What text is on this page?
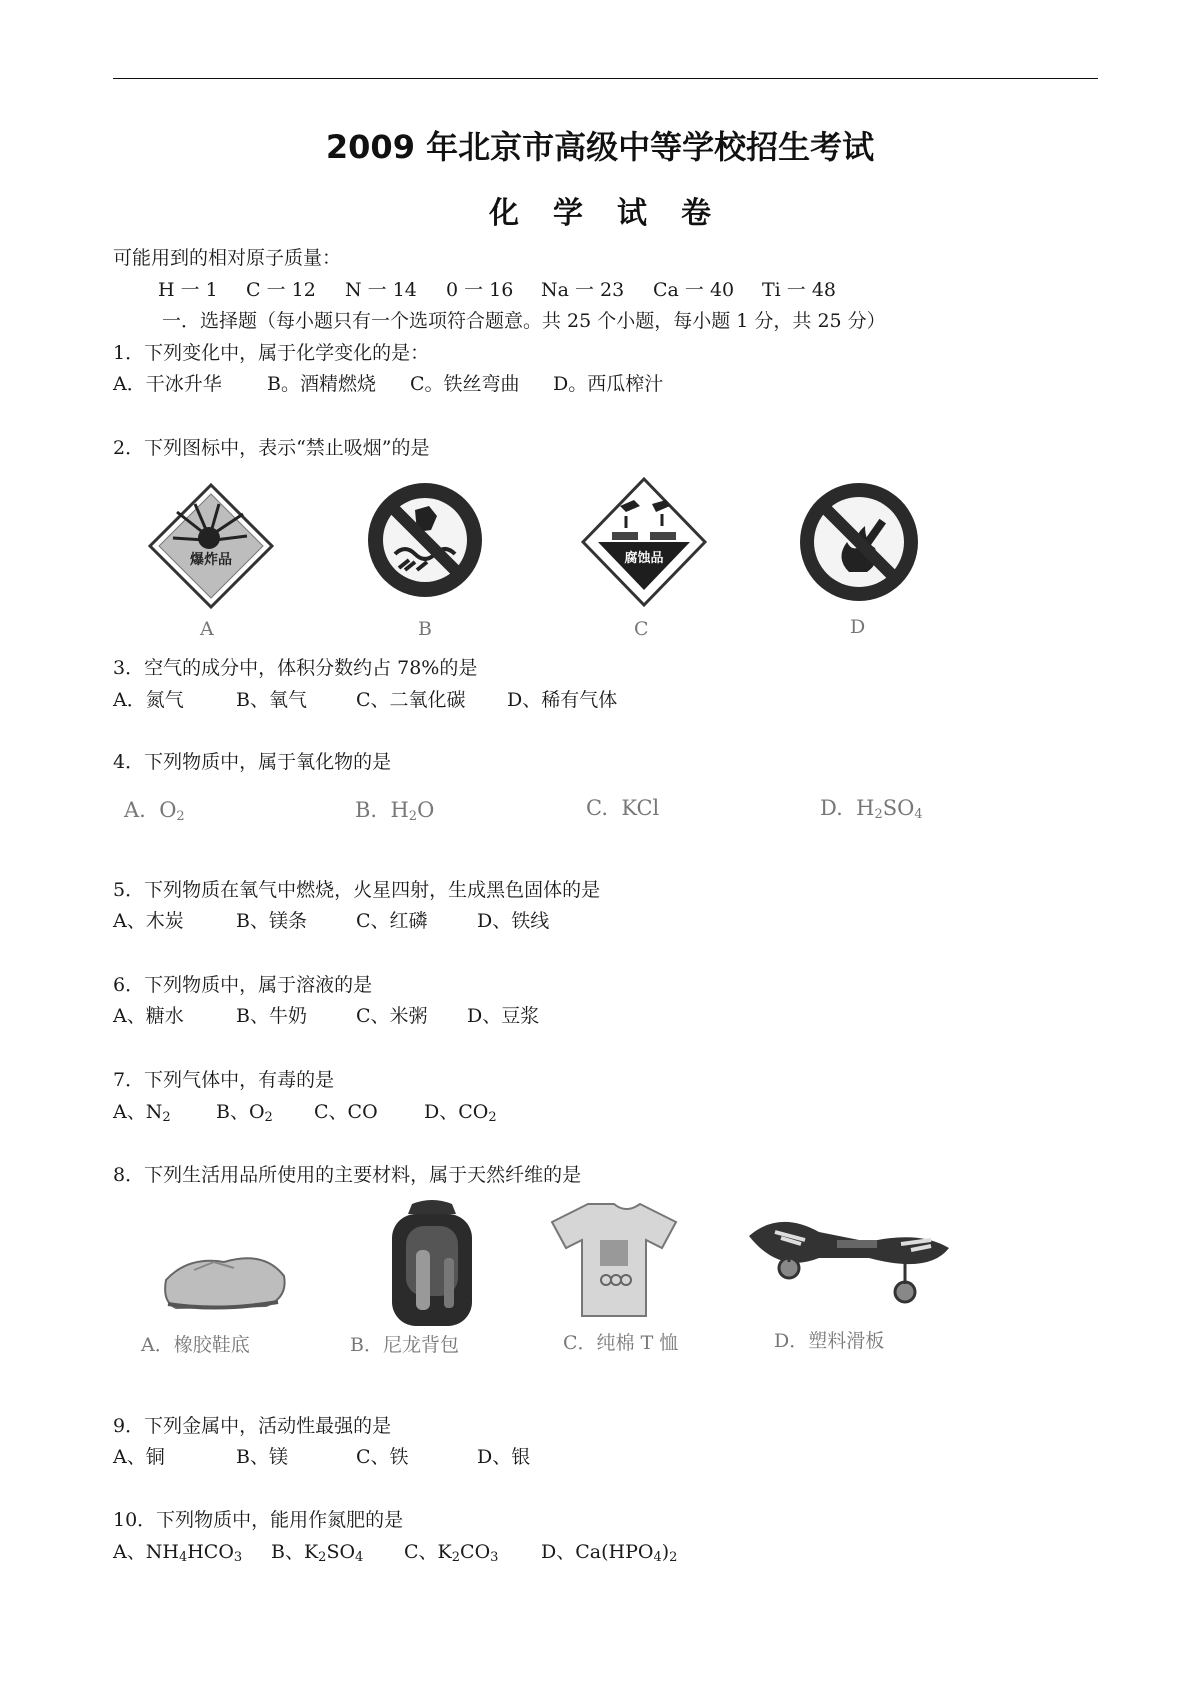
2009 年北京市高级中等学校招生考试
化学试卷
可能用到的相对原子质量：
H 一 1 C 一 12 N 一 14 0 一 16 Na 一 23 Ca 一 40 Ti 一 48
一．选择题（每小题只有一个选项符合题意。共 25 个小题，每小题 1 分，共 25 分）
1．下列变化中，属于化学变化的是：
A．干冰升华 B。酒精燃烧 C。铁丝弯曲 D。西瓜榨汁
2．下列图标中，表示“禁止吸烟”的是
爆炸品
A	B
腐蚀品
C	D
3．空气的成分中，体积分数约占 78%的是
A．氮气	B、氧气	C、二氧化碳 D、稀有气体
4．下列物质中，属于氧化物的是
A. $O_2$	B. $H_2O$	C. KCl	D. $H_2SO_4$
5．下列物质在氧气中燃烧，火星四射，生成黑色固体的是
A、木炭	B、镁条	C、红磷	D、铁线
6．下列物质中，属于溶液的是
A、糖水	B、牛奶	C、米粥 D、豆浆
7．下列气体中，有毒的是
A、$N_2$ B、$O_2$ C、CO D、$CO_2$
8．下列生活用品所使用的主要材料，属于天然纤维的是
A．橡胶鞋底	B．尼龙背包	C．纯棉 T 恤	D．塑料滑板
9．下列金属中，活动性最强的是
A、铜	B、镁	C、铁	D、银
10．下列物质中，能用作氮肥的是
A、$NH_4HCO_3$ B、$K_2SO_4$ C、$K_2CO_3$ D、$Ca(HPO_4)_2$
